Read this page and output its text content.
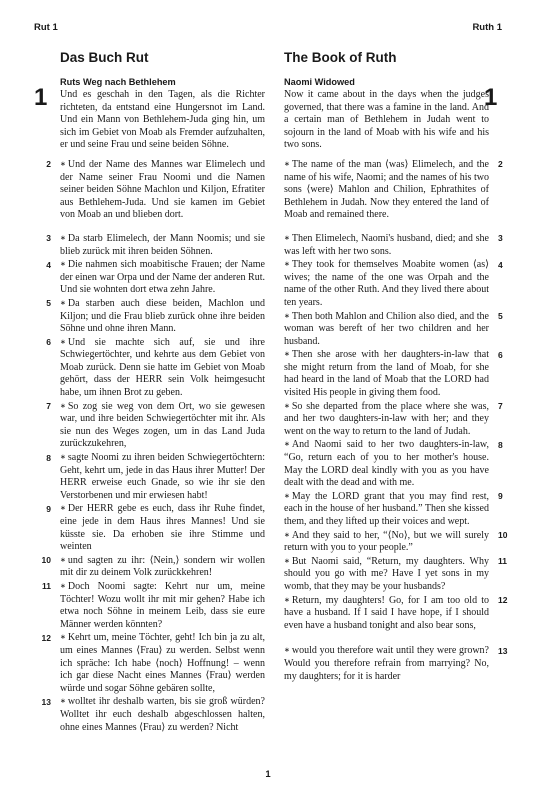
Rut 1	Ruth 1
1	1
Das Buch Rut
Ruts Weg nach Bethlehem
Und es geschah in den Tagen, als die Richter richteten, da entstand eine Hungersnot im Land. Und ein Mann von Bethlehem-Juda ging hin, um sich im Gebiet von Moab als Fremder aufzuhalten, er und seine Frau und seine beiden Söhne.
2 ∗ Und der Name des Mannes war Elimelech und der Name seiner Frau Noomi und die Namen seiner beiden Söhne Machlon und Kiljon, Efratiter aus Bethlehem-Juda. Und sie kamen im Gebiet von Moab an und blieben dort.
3 ∗ Da starb Elimelech, der Mann Noomis; und sie blieb zurück mit ihren beiden Söhnen.
4 ∗ Die nahmen sich moabitische Frauen; der Name der einen war Orpa und der Name der anderen Rut. Und sie wohnten dort etwa zehn Jahre.
5 ∗ Da starben auch diese beiden, Machlon und Kiljon; und die Frau blieb zurück ohne ihre beiden Söhne und ohne ihren Mann.
6 ∗ Und sie machte sich auf, sie und ihre Schwiegertöchter, und kehrte aus dem Gebiet von Moab zurück. Denn sie hatte im Gebiet von Moab gehört, dass der HERR sein Volk heimgesucht habe, um ihnen Brot zu geben.
7 ∗ So zog sie weg von dem Ort, wo sie gewesen war, und ihre beiden Schwiegertöchter mit ihr. Als sie nun des Weges zogen, um in das Land Juda zurückzukehren,
8 ∗ sagte Noomi zu ihren beiden Schwiegertöchtern: Geht, kehrt um, jede in das Haus ihrer Mutter! Der HERR erweise euch Gnade, so wie ihr sie den Verstorbenen und mir erwiesen habt!
9 ∗ Der HERR gebe es euch, dass ihr Ruhe findet, eine jede in dem Haus ihres Mannes! Und sie küsste sie. Da erhoben sie ihre Stimme und weinten
10 ∗ und sagten zu ihr: ⟨Nein,⟩ sondern wir wollen mit dir zu deinem Volk zurückkehren!
11 ∗ Doch Noomi sagte: Kehrt nur um, meine Töchter! Wozu wollt ihr mit mir gehen? Habe ich etwa noch Söhne in meinem Leib, dass sie eure Männer werden könnten?
12 ∗ Kehrt um, meine Töchter, geht! Ich bin ja zu alt, um eines Mannes ⟨Frau⟩ zu werden. Selbst wenn ich spräche: Ich habe ⟨noch⟩ Hoffnung! – wenn ich gar diese Nacht eines Mannes ⟨Frau⟩ werden würde und sogar Söhne gebären sollte,
13 ∗ wolltet ihr deshalb warten, bis sie groß würden? Wolltet ihr euch deshalb abgeschlossen halten, ohne eines Mannes ⟨Frau⟩ zu werden? Nicht
The Book of Ruth
Naomi Widowed
Now it came about in the days when the judges governed, that there was a famine in the land. And a certain man of Bethlehem in Judah went to sojourn in the land of Moab with his wife and his two sons.
2
∗ The name of the man ⟨was⟩ Elimelech, and the name of his wife, Naomi; and the names of his two sons ⟨were⟩ Mahlon and Chilion, Ephrathites of Bethlehem in Judah. Now they entered the land of Moab and remained there.
3
∗ Then Elimelech, Naomi's husband, died; and she was left with her two sons.
4
∗ They took for themselves Moabite women ⟨as⟩ wives; the name of the one was Orpah and the name of the other Ruth. And they lived there about ten years.
5
∗ Then both Mahlon and Chilion also died, and the woman was bereft of her two children and her husband.
6
∗ Then she arose with her daughters-in-law that she might return from the land of Moab, for she had heard in the land of Moab that the LORD had visited His people in giving them food.
7
∗ So she departed from the place where she was, and her two daughters-in-law with her; and they went on the way to return to the land of Judah.
8
∗ And Naomi said to her two daughters-in-law, “Go, return each of you to her mother's house. May the LORD deal kindly with you as you have dealt with the dead and with me.
9
∗ May the LORD grant that you may find rest, each in the house of her husband.” Then she kissed them, and they lifted up their voices and wept.
10
∗ And they said to her, “⟨No⟩, but we will surely return with you to your people.”
11
∗ But Naomi said, “Return, my daughters. Why should you go with me? Have I yet sons in my womb, that they may be your husbands?
12
∗ Return, my daughters! Go, for I am too old to have a husband. If I said I have hope, if I should even have a husband tonight and also bear sons,
13
∗ would you therefore wait until they were grown? Would you therefore refrain from marrying? No, my daughters; for it is harder
1
